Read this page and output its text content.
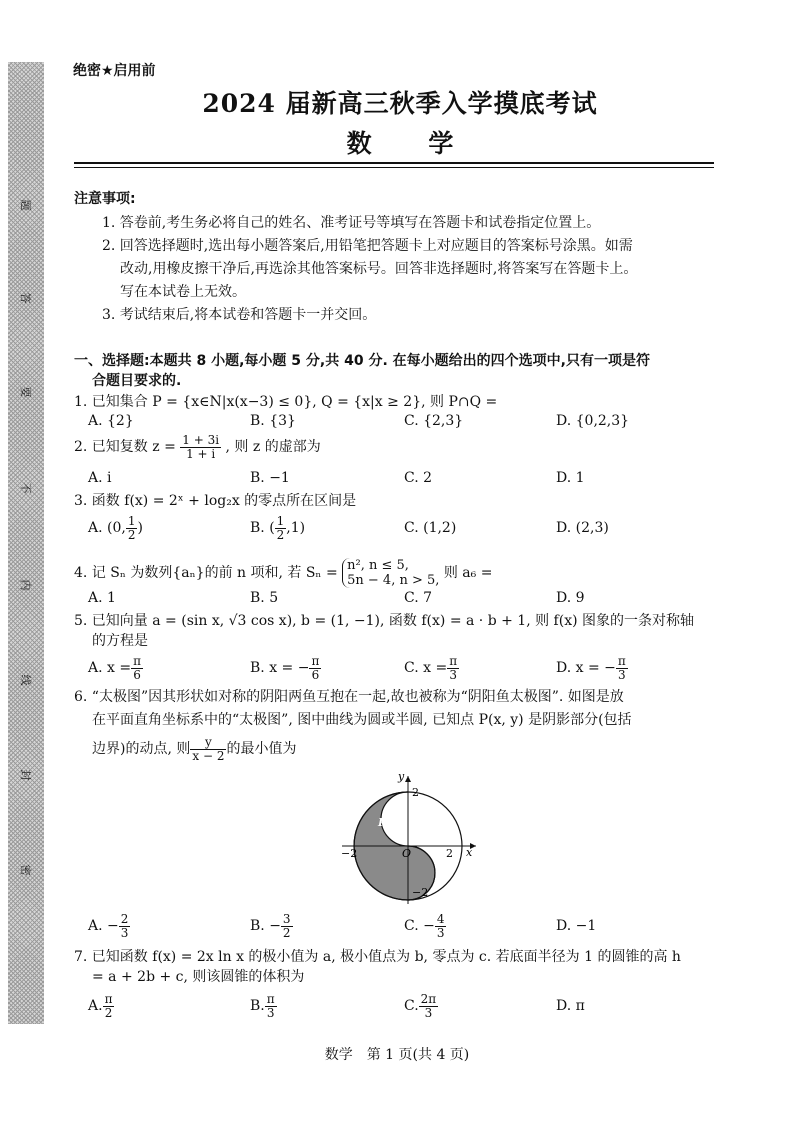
题
答
要
不
内
线
封
密
绝密★启用前
2024 届新高三秋季入学摸底考试
数 学
注意事项:
1. 答卷前,考生务必将自己的姓名、准考证号等填写在答题卡和试卷指定位置上。
2. 回答选择题时,选出每小题答案后,用铅笔把答题卡上对应题目的答案标号涂黑。如需
改动,用橡皮擦干净后,再选涂其他答案标号。回答非选择题时,将答案写在答题卡上。
写在本试卷上无效。
3. 考试结束后,将本试卷和答题卡一并交回。
一、选择题:本题共 8 小题,每小题 5 分,共 40 分. 在每小题给出的四个选项中,只有一项是符
合题目要求的.
1. 已知集合 P = {x∈N|x(x−3) ≤ 0}, Q = {x|x ≥ 2}, 则 P∩Q =
A. {2}	B. {3}	C. {2,3}	D. {0,2,3}
2. 已知复数 $z = \frac{1 + 3i}{1 + i}$ , 则 z 的虚部为
A. i	B. −1	C. 2	D. 1
3. 函数 f(x) = 2ˣ + log₂x 的零点所在区间是
A. (0, $\frac{1}{2}$ )	B. ( $\frac{1}{2} ,1$)	C. (1,2)	D. (2,3)
4. 记 Sₙ 为数列{aₙ}的前 n 项和, 若 Sₙ = n², n ≤ 5,
5n − 4, n > 5, 则 a₆ =
A. 1	B. 5	C. 7	D. 9
5. 已知向量 a = (sin x, √3 cos x), b = (1, −1), 函数 f(x) = a · b + 1, 则 f(x) 图象的一条对称轴
的方程是
A. $x = \frac{\pi}{6}$	B. x = − $\frac{\pi}{6}$	C. $x = \frac{\pi}{3}$	D. x = − $\frac{\pi}{3}$
6. “太极图”因其形状如对称的阴阳两鱼互抱在一起,故也被称为“阴阳鱼太极图”. 如图是放
在平面直角坐标系中的“太极图”, 图中曲线为圆或半圆, 已知点 P(x, y) 是阴影部分(包括
边界)的动点, 则 $\frac{y}{x - 2}$ 的最小值为
y
x
O
P
2
−2
−2	2
A. − $\frac{2}{3}$	B. − $\frac{3}{2}$	C. − $\frac{4}{3}$	D. −1
7. 已知函数 f(x) = 2x ln x 的极小值为 a, 极小值点为 b, 零点为 c. 若底面半径为 1 的圆锥的高 h
= a + 2b + c, 则该圆锥的体积为
A. $\frac{\pi}{2}$	B. $\frac{\pi}{3}$	C. $\frac{2\pi}{3}$	D. π
数学　第 1 页(共 4 页)
